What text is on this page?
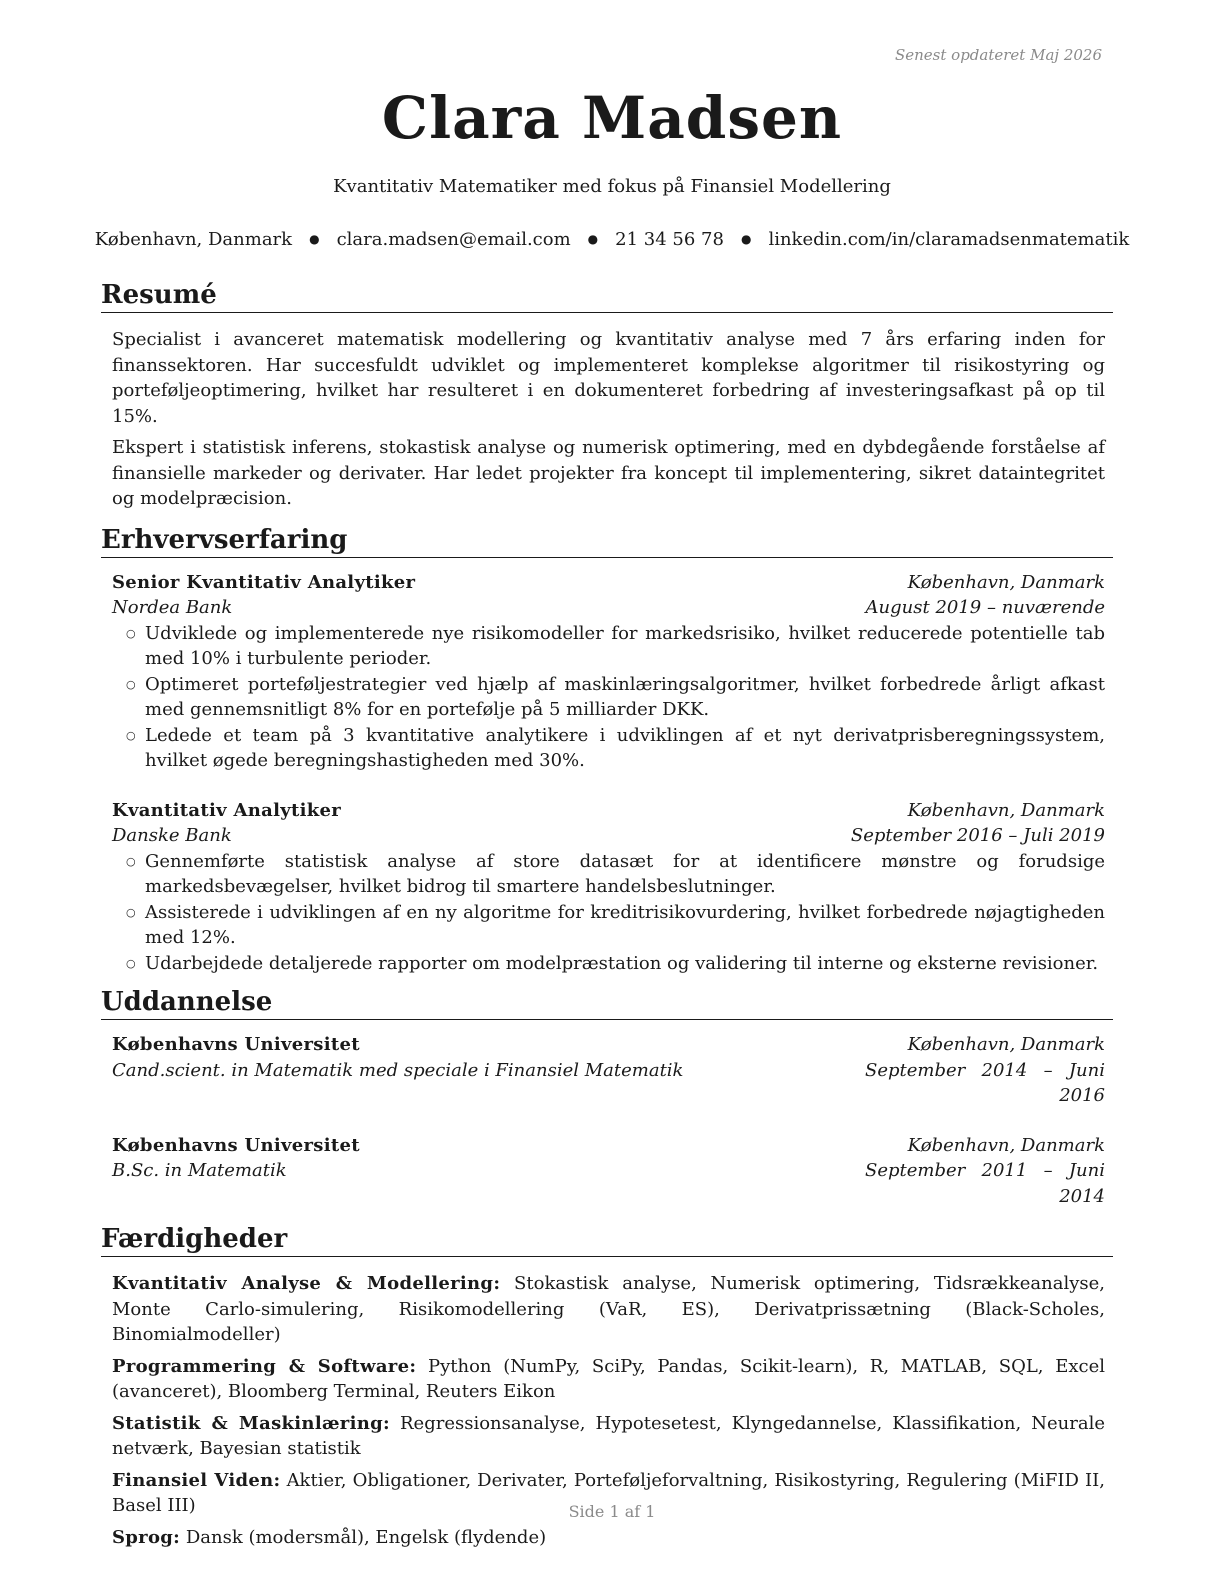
Senest opdateret Maj 2026
Clara Madsen
Kvantitativ Matematiker med fokus på Finansiel Modellering
København, Danmark ● clara.madsen@email.com ● 21 34 56 78 ● linkedin.com/in/claramadsenmatematik
Resumé

Specialist i avanceret matematisk modellering og kvantitativ analyse med 7 års erfaring inden for finanssektoren. Har succesfuldt udviklet og implementeret komplekse algoritmer til risikostyring og porteføljeoptimering, hvilket har resulteret i en dokumenteret forbedring af investeringsafkast på op til 15%.

Ekspert i statistisk inferens, stokastisk analyse og numerisk optimering, med en dybdegående forståelse af finansielle markeder og derivater. Har ledet projekter fra koncept til implementering, sikret dataintegritet og modelpræcision.

Erhvervserfaring
Senior Kvantitativ Analytiker	København, Danmark
Nordea Bank	August 2019 – nuværende
○ Udviklede og implementerede nye risikomodeller for markedsrisiko, hvilket reducerede potentielle tab med 10% i turbulente perioder.
○ Optimeret porteføljestrategier ved hjælp af maskinlæringsalgoritmer, hvilket forbedrede årligt afkast med gennemsnitligt 8% for en portefølje på 5 milliarder DKK.
○ Ledede et team på 3 kvantitative analytikere i udviklingen af et nyt derivatprisberegningssystem, hvilket øgede beregningshastigheden med 30%.
Kvantitativ Analytiker	København, Danmark
Danske Bank	September 2016 – Juli 2019
○ Gennemførte statistisk analyse af store datasæt for at identificere mønstre og forudsige markedsbevægelser, hvilket bidrog til smartere handelsbeslutninger.
○ Assisterede i udviklingen af en ny algoritme for kreditrisikovurdering, hvilket forbedrede nøjagtigheden med 12%.
○ Udarbejdede detaljerede rapporter om modelpræstation og validering til interne og eksterne revisioner.
Uddannelse
Københavns Universitet	København, Danmark
Cand.scient. in Matematik med speciale i Finansiel Matematik	September 2014 – Juni 2016
Københavns Universitet	København, Danmark
B.Sc. in Matematik	September 2011 – Juni 2014
Færdigheder

Kvantitativ Analyse & Modellering: Stokastisk analyse, Numerisk optimering, Tidsrækkeanalyse, Monte Carlo-simulering, Risikomodellering (VaR, ES), Derivatprissætning (Black-Scholes, Binomialmodeller)

Programmering & Software: Python (NumPy, SciPy, Pandas, Scikit-learn), R, MATLAB, SQL, Excel (avanceret), Bloomberg Terminal, Reuters Eikon

Statistik & Maskinlæring: Regressionsanalyse, Hypotesetest, Klyngedannelse, Klassifikation, Neurale netværk, Bayesian statistik

Finansiel Viden: Aktier, Obligationer, Derivater, Porteføljeforvaltning, Risikostyring, Regulering (MiFID II, Basel III)

Sprog: Dansk (modersmål), Engelsk (flydende)

Side 1 af 1
